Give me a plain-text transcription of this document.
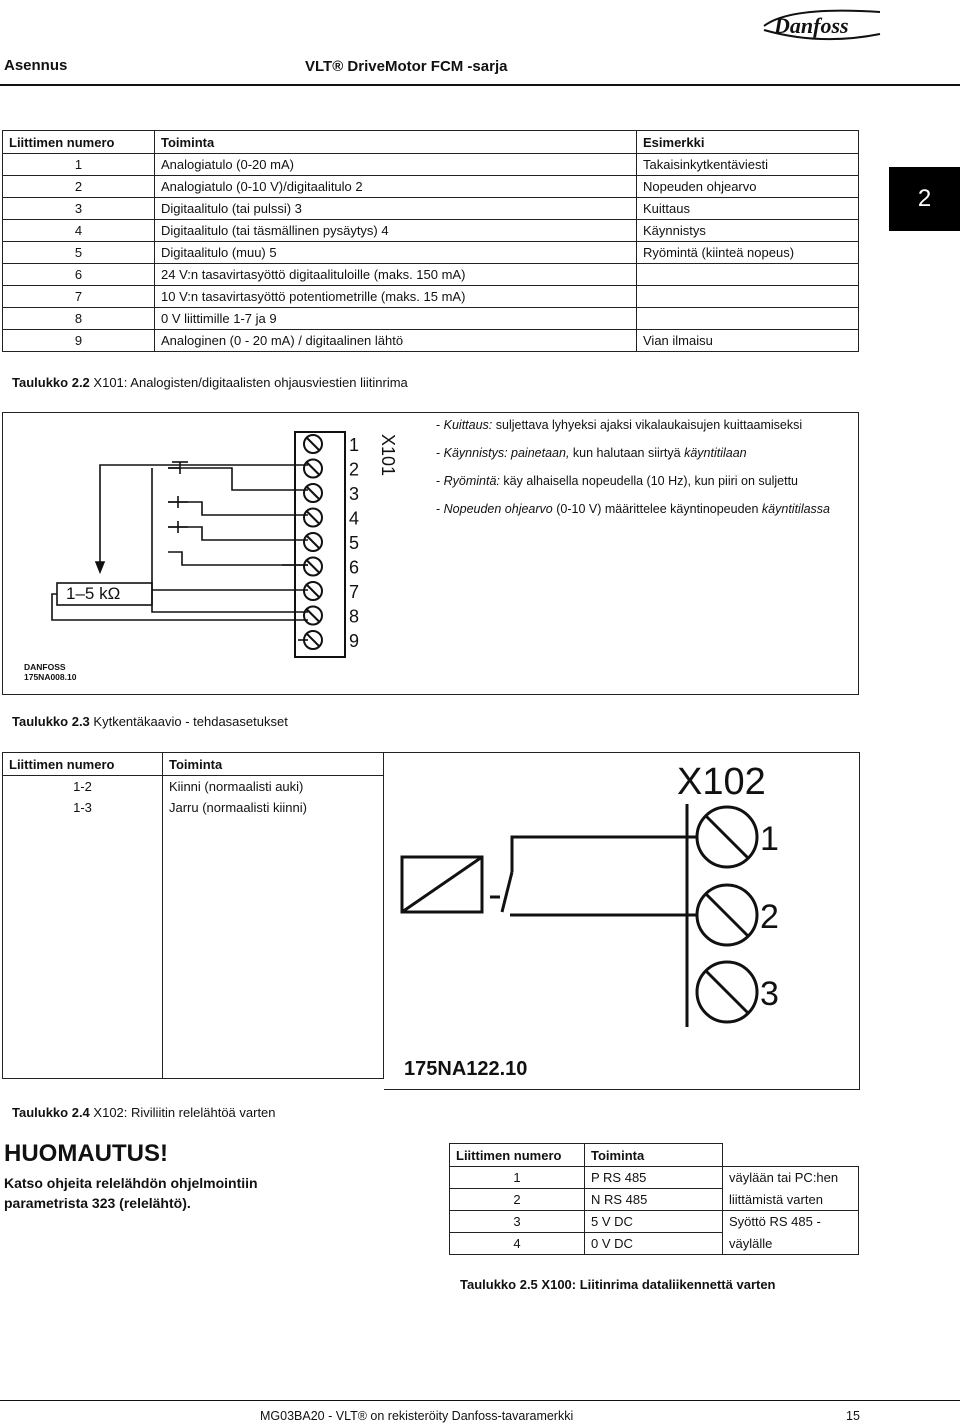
Asennus	VLT® DriveMotor FCM -sarja
Danfoss
2
Liittimen numero	Toiminta	Esimerkki
1	Analogiatulo (0-20 mA)	Takaisinkytkentäviesti
2	Analogiatulo (0-10 V)/digitaalitulo 2	Nopeuden ohjearvo
3	Digitaalitulo (tai pulssi) 3	Kuittaus
4	Digitaalitulo (tai täsmällinen pysäytys) 4	Käynnistys
5	Digitaalitulo (muu) 5	Ryömintä (kiinteä nopeus)
6	24 V:n tasavirtasyöttö digitaalituloille (maks. 150 mA)	
7	10 V:n tasavirtasyöttö potentiometrille (maks. 15 mA)	
8	0 V liittimille 1-7 ja 9	
9	Analoginen (0 - 20 mA) / digitaalinen lähtö	Vian ilmaisu
Taulukko 2.2 X101: Analogisten/digitaalisten ohjausviestien liitinrima
1–5 kΩ
X101
1
2
3
4
5
6
7
8
9
DANFOSS
175NA008.10
- Kuittaus: suljettava lyhyeksi ajaksi vikalaukaisujen kuittaamiseksi
- Käynnistys: painetaan, kun halutaan siirtyä käyntitilaan
- Ryömintä: käy alhaisella nopeudella (10 Hz), kun piiri on suljettu
- Nopeuden ohjearvo (0-10 V) määrittelee käyntinopeuden käyntitilassa
Taulukko 2.3 Kytkentäkaavio - tehdasasetukset
Liittimen numero	Toiminta
1-2	Kiinni (normaalisti auki)
1-3	Jarru (normaalisti kiinni)

X102
1
2
3
175NA122.10
Taulukko 2.4 X102: Riviliitin relelähtöä varten
HUOMAUTUS!
Katso ohjeita relelähdön ohjelmointiin parametrista 323 (relelähtö).
Liittimen numero	Toiminta	
1	P RS 485	väylään tai PC:hen
2	N RS 485	liittämistä varten
3	5 V DC	Syöttö RS 485 -
4	0 V DC	väylälle
Taulukko 2.5 X100: Liitinrima dataliikennettä varten
MG03BA20 - VLT® on rekisteröity Danfoss-tavaramerkki	15
